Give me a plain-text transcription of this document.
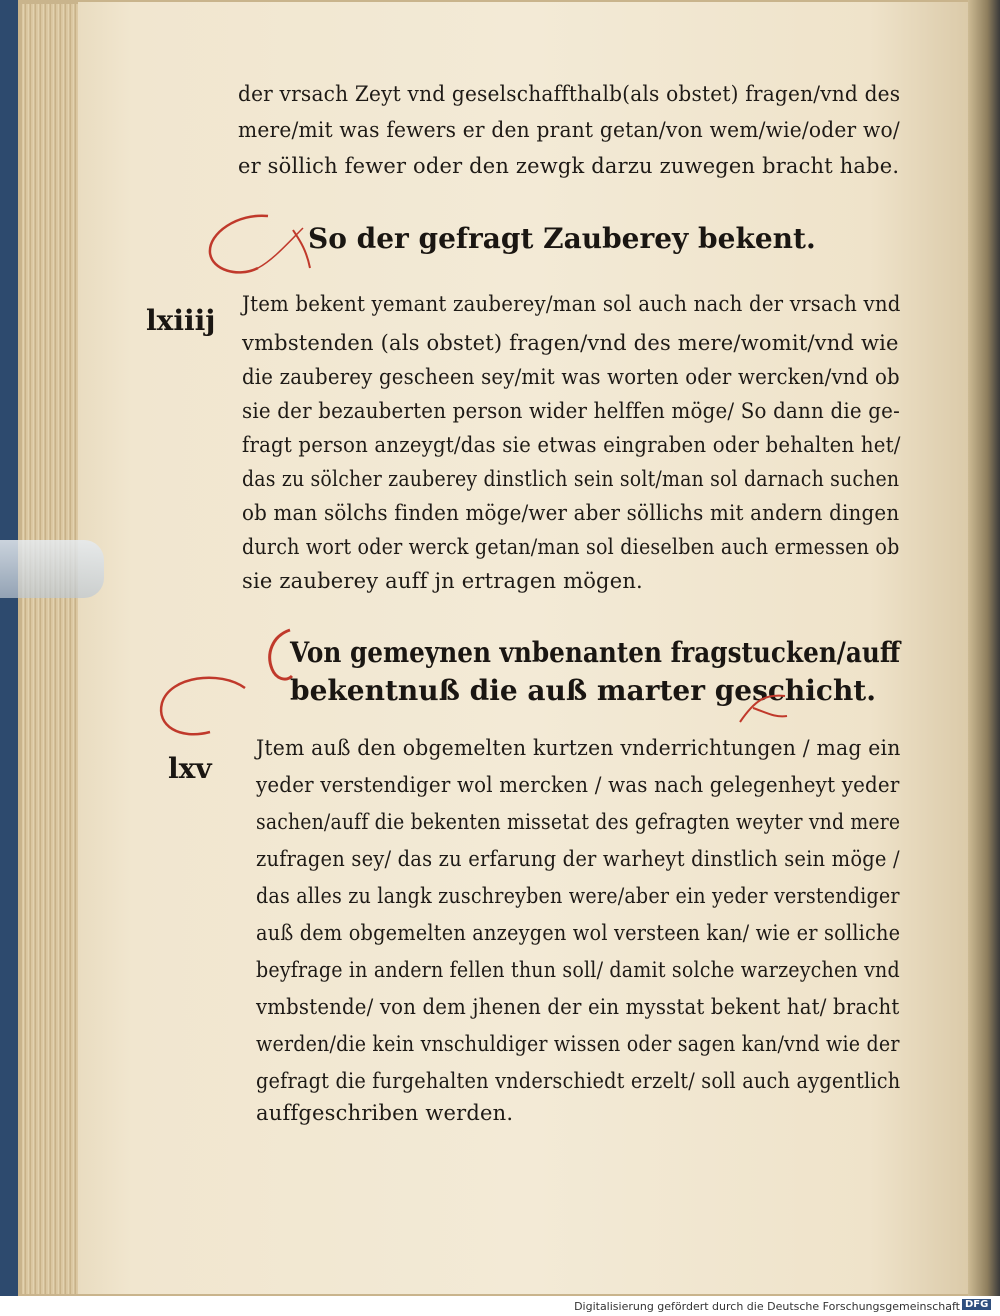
der vrsach Zeyt vnd geselschaffthalb(als obstet) fragen/vnd des
mere/mit was fewers er den prant getan/von wem/wie/oder wo/
er söllich fewer oder den zewgk darzu zuwegen bracht habe.
So der gefragt Zauberey bekent.
lxiiij Jtem bekent yemant zauberey/man sol auch nach der vrsach vnd
vmbstenden (als obstet) fragen/vnd des mere/womit/vnd wie
die zauberey gescheen sey/mit was worten oder wercken/vnd ob
sie der bezauberten person wider helffen möge/ So dann die ge-
fragt person anzeygt/das sie etwas eingraben oder behalten het/
das zu sölcher zauberey dinstlich sein solt/man sol darnach suchen
ob man sölchs finden möge/wer aber söllichs mit andern dingen
durch wort oder werck getan/man sol dieselben auch ermessen ob
sie zauberey auff jn ertragen mögen.
Von gemeynen vnbenanten fragstucken/auff
bekentnuß die auß marter geschicht.
lxv
Jtem auß den obgemelten kurtzen vnderrichtungen / mag ein
yeder verstendiger wol mercken / was nach gelegenheyt yeder
sachen/auff die bekenten missetat des gefragten weyter vnd mere
zufragen sey/ das zu erfarung der warheyt dinstlich sein möge /
das alles zu langk zuschreyben were/aber ein yeder verstendiger
auß dem obgemelten anzeygen wol versteen kan/ wie er solliche
beyfrage in andern fellen thun soll/ damit solche warzeychen vnd
vmbstende/ von dem jhenen der ein mysstat bekent hat/ bracht
werden/die kein vnschuldiger wissen oder sagen kan/vnd wie der
gefragt die furgehalten vnderschiedt erzelt/ soll auch aygentlich
auffgeschriben werden.
Digitalisierung gefördert durch die Deutsche Forschungsgemeinschaft DFG
